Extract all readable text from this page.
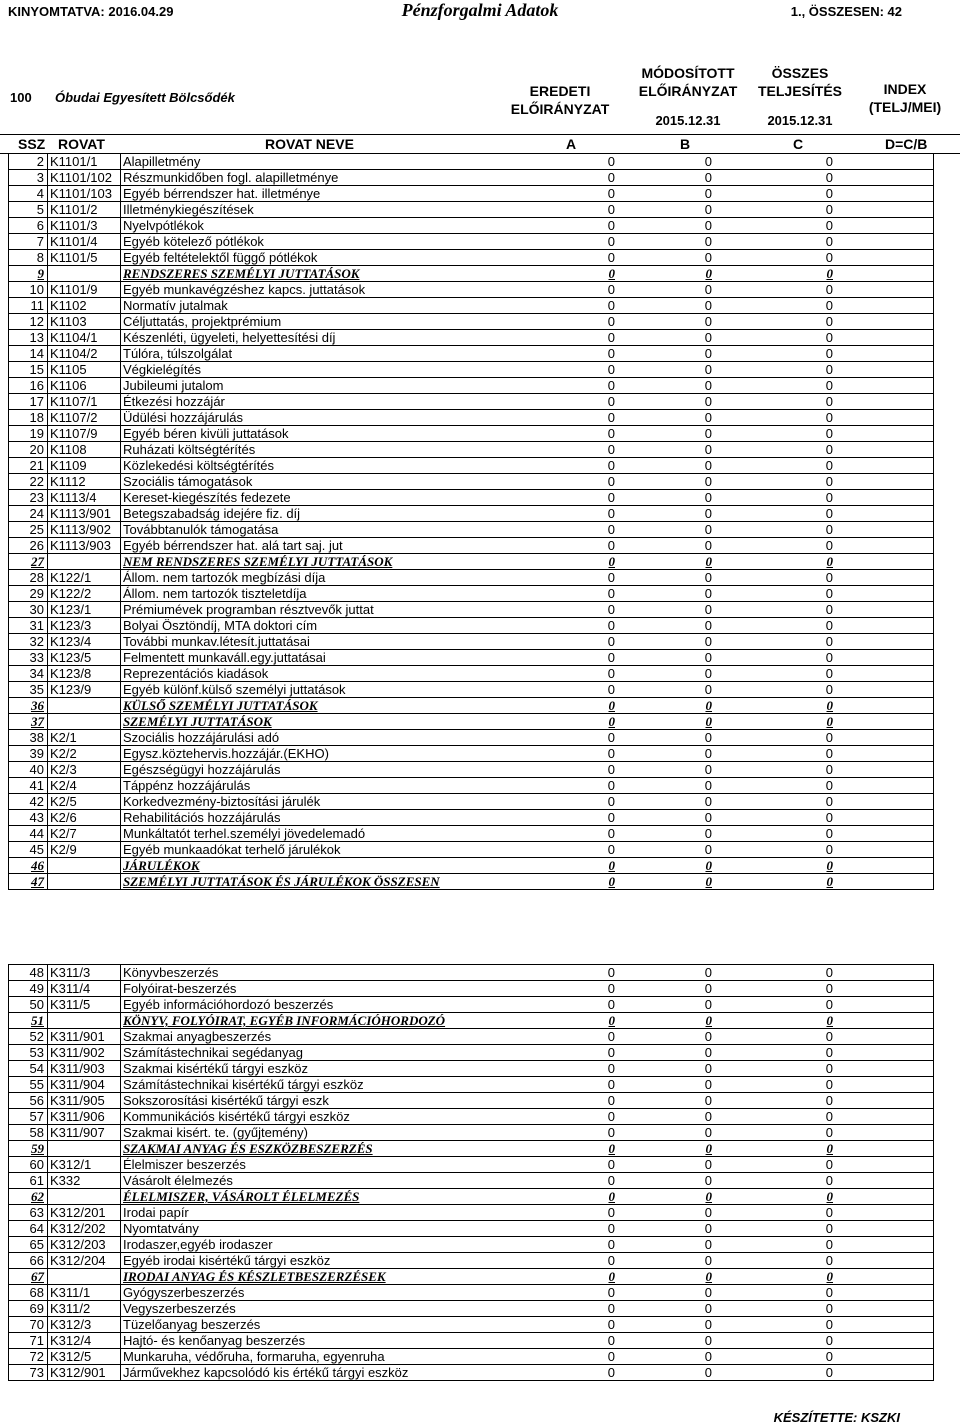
KINYOMTATVA: 2016.04.29	Pénzforgalmi Adatok	1., ÖSSZESEN: 42
100 Óbudai Egyesített Bölcsődék	EREDETI
ELŐIRÁNYZAT
MÓDOSÍTOTT
ELŐIRÁNYZAT
2015.12.31
ÖSSZES
TELJESÍTÉS
2015.12.31
INDEX
(TELJ/MEI)
SSZ ROVAT	ROVAT NEVE	A	B	C	D=C/B
2	K1101/1	Alapilletmény	0	0	0	
3	K1101/102	Részmunkidőben fogl. alapilletménye	0	0	0	
4	K1101/103	Egyéb bérrendszer hat. illetménye	0	0	0	
5	K1101/2	Illetménykiegészítések	0	0	0	
6	K1101/3	Nyelvpótlékok	0	0	0	
7	K1101/4	Egyéb kötelező pótlékok	0	0	0	
8	K1101/5	Egyéb feltételektől függő pótlékok	0	0	0	
9		RENDSZERES SZEMÉLYI JUTTATÁSOK	0	0	0	
10	K1101/9	Egyéb munkavégzéshez kapcs. juttatások	0	0	0	
11	K1102	Normatív jutalmak	0	0	0	
12	K1103	Céljuttatás, projektprémium	0	0	0	
13	K1104/1	Készenléti, ügyeleti, helyettesítési díj	0	0	0	
14	K1104/2	Túlóra, túlszolgálat	0	0	0	
15	K1105	Végkielégítés	0	0	0	
16	K1106	Jubileumi jutalom	0	0	0	
17	K1107/1	Étkezési hozzájár	0	0	0	
18	K1107/2	Üdülési hozzájárulás	0	0	0	
19	K1107/9	Egyéb béren kivüli juttatások	0	0	0	
20	K1108	Ruházati költségtérítés	0	0	0	
21	K1109	Közlekedési költségtérítés	0	0	0	
22	K1112	Szociális támogatások	0	0	0	
23	K1113/4	Kereset-kiegészítés fedezete	0	0	0	
24	K1113/901	Betegszabadság idejére fiz. díj	0	0	0	
25	K1113/902	Továbbtanulók támogatása	0	0	0	
26	K1113/903	Egyéb bérrendszer hat. alá tart saj. jut	0	0	0	
27		NEM RENDSZERES SZEMÉLYI JUTTATÁSOK	0	0	0	
28	K122/1	Állom. nem tartozók megbízási díja	0	0	0	
29	K122/2	Állom. nem tartozók tiszteletdíja	0	0	0	
30	K123/1	Prémiumévek programban résztvevők juttat	0	0	0	
31	K123/3	Bolyai Ösztöndíj, MTA doktori cím	0	0	0	
32	K123/4	További munkav.létesít.juttatásai	0	0	0	
33	K123/5	Felmentett munkaváll.egy.juttatásai	0	0	0	
34	K123/8	Reprezentációs kiadások	0	0	0	
35	K123/9	Egyéb különf.külső személyi juttatások	0	0	0	
36		KÜLSŐ SZEMÉLYI JUTTATÁSOK	0	0	0	
37		SZEMÉLYI JUTTATÁSOK	0	0	0	
38	K2/1	Szociális hozzájárulási adó	0	0	0	
39	K2/2	Egysz.köztehervis.hozzájár.(EKHO)	0	0	0	
40	K2/3	Egészségügyi hozzájárulás	0	0	0	
41	K2/4	Táppénz hozzájárulás	0	0	0	
42	K2/5	Korkedvezmény-biztosítási járulék	0	0	0	
43	K2/6	Rehabilitációs hozzájárulás	0	0	0	
44	K2/7	Munkáltatót terhel.személyi jövedelemadó	0	0	0	
45	K2/9	Egyéb munkaadókat terhelő járulékok	0	0	0	
46		JÁRULÉKOK	0	0	0	
47		SZEMÉLYI JUTTATÁSOK ÉS JÁRULÉKOK ÖSSZESEN	0	0	0	
48	K311/3	Könyvbeszerzés	0	0	0	
49	K311/4	Folyóirat-beszerzés	0	0	0	
50	K311/5	Egyéb információhordozó beszerzés	0	0	0	
51		KÖNYV, FOLYÓIRAT, EGYÉB INFORMÁCIÓHORDOZÓ	0	0	0	
52	K311/901	Szakmai anyagbeszerzés	0	0	0	
53	K311/902	Számítástechnikai segédanyag	0	0	0	
54	K311/903	Szakmai kisértékű tárgyi eszköz	0	0	0	
55	K311/904	Számítástechnikai kisértékű tárgyi eszköz	0	0	0	
56	K311/905	Sokszorosítási kisértékű tárgyi eszk	0	0	0	
57	K311/906	Kommunikációs kisértékű tárgyi eszköz	0	0	0	
58	K311/907	Szakmai kisért. te. (gyűjtemény)	0	0	0	
59		SZAKMAI ANYAG ÉS ESZKÖZBESZERZÉS	0	0	0	
60	K312/1	Élelmiszer beszerzés	0	0	0	
61	K332	Vásárolt élelmezés	0	0	0	
62		ÉLELMISZER, VÁSÁROLT ÉLELMEZÉS	0	0	0	
63	K312/201	Irodai papír	0	0	0	
64	K312/202	Nyomtatvány	0	0	0	
65	K312/203	Irodaszer,egyéb irodaszer	0	0	0	
66	K312/204	Egyéb irodai kisértékű tárgyi eszköz	0	0	0	
67		IRODAI ANYAG ÉS KÉSZLETBESZERZÉSEK	0	0	0	
68	K311/1	Gyógyszerbeszerzés	0	0	0	
69	K311/2	Vegyszerbeszerzés	0	0	0	
70	K312/3	Tüzelőanyag beszerzés	0	0	0	
71	K312/4	Hajtó- és kenőanyag beszerzés	0	0	0	
72	K312/5	Munkaruha, védőruha, formaruha, egyenruha	0	0	0	
73	K312/901	Járművekhez kapcsolódó kis értékű tárgyi eszköz	0	0	0	
KÉSZÍTETTE: KSZKI
